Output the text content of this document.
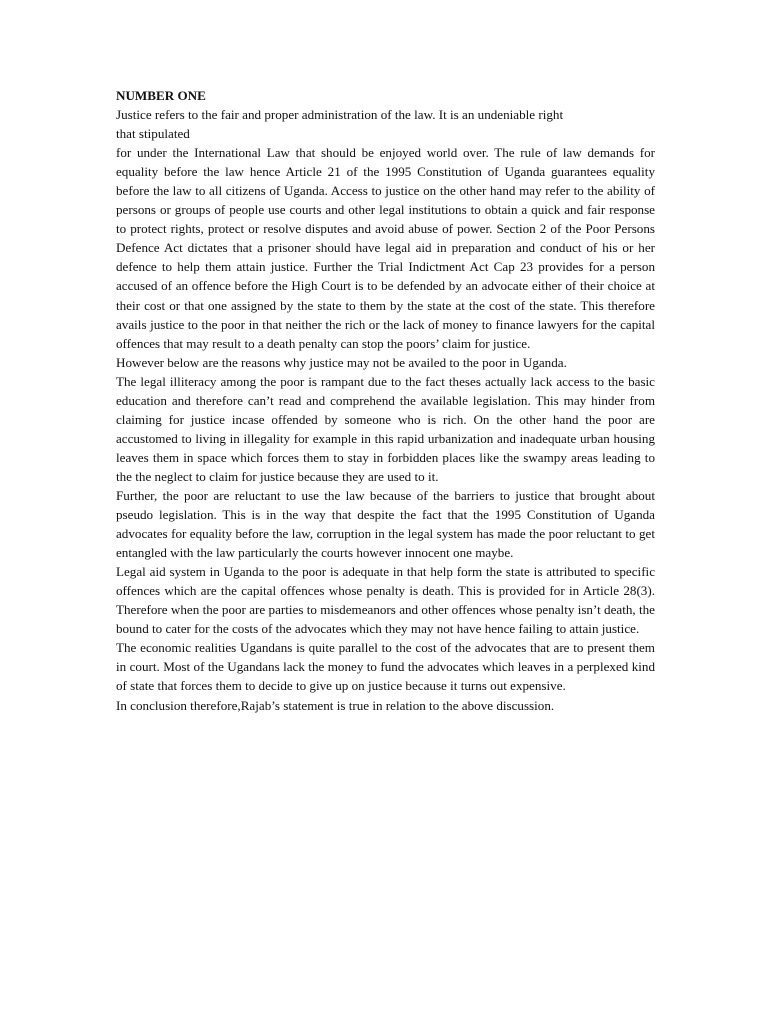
NUMBER ONE

Justice refers to the fair and proper administration of the law. It is an undeniable right

that stipulated

for under the International Law that should be enjoyed world over. The rule of law demands for equality before the law hence Article 21 of the 1995 Constitution of Uganda guarantees equality before the law to all citizens of Uganda. Access to justice on the other hand may refer to the ability of persons or groups of people use courts and other legal institutions to obtain a quick and fair response to protect rights, protect or resolve disputes and avoid abuse of power. Section 2 of the Poor Persons Defence Act dictates that a prisoner should have legal aid in preparation and conduct of his or her defence to help them attain justice. Further the Trial Indictment Act Cap 23 provides for a person accused of an offence before the High Court is to be defended by an advocate either of their choice at their cost or that one assigned by the state to them by the state at the cost of the state. This therefore avails justice to the poor in that neither the rich or the lack of money to finance lawyers for the capital offences that may result to a death penalty can stop the poors’ claim for justice.

However below are the reasons why justice may not be availed to the poor in Uganda.

The legal illiteracy among the poor is rampant due to the fact theses actually lack access to the basic education and therefore can’t read and comprehend the available legislation. This may hinder from claiming for justice incase offended by someone who is rich. On the other hand the poor are accustomed to living in illegality for example in this rapid urbanization and inadequate urban housing leaves them in space which forces them to stay in forbidden places like the swampy areas leading to the the neglect to claim for justice because they are used to it.

Further, the poor are reluctant to use the law because of the barriers to justice that brought about pseudo legislation. This is in the way that despite the fact that the 1995 Constitution of Uganda advocates for equality before the law, corruption in the legal system has made the poor reluctant to get entangled with the law particularly the courts however innocent one maybe.

Legal aid system in Uganda to the poor is adequate in that help form the state is attributed to specific offences which are the capital offences whose penalty is death. This is provided for in Article 28(3). Therefore when the poor are parties to misdemeanors and other offences whose penalty isn’t death, the bound to cater for the costs of the advocates which they may not have hence failing to attain justice.

The economic realities Ugandans is quite parallel to the cost of the advocates that are to present them in court. Most of the Ugandans lack the money to fund the advocates which leaves in a perplexed kind of state that forces them to decide to give up on justice because it turns out expensive.

In conclusion therefore,Rajab’s statement is true in relation to the above discussion.
